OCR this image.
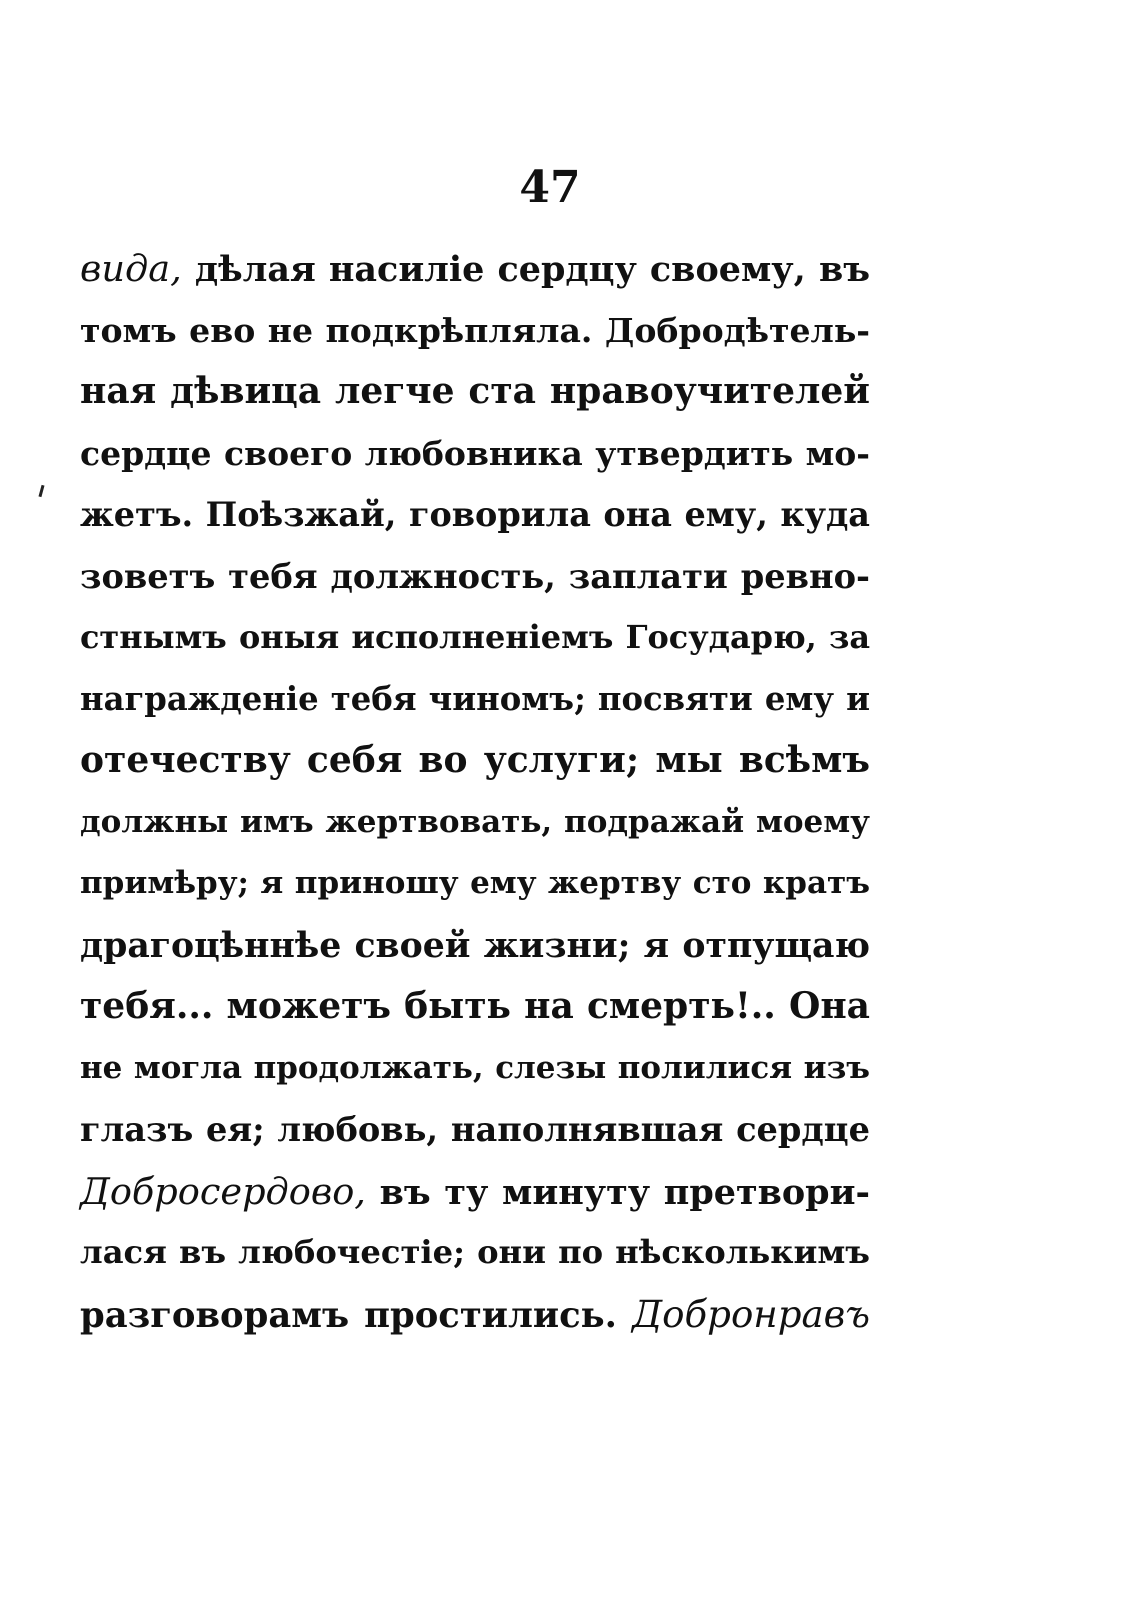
47
вида, дѣлая насиліе сердцу своему, въ
томъ ево не подкрѣпляла. Добродѣтель-
ная дѣвица легче ста нравоучителей
сердце своего любовника утвердить мо-
жетъ. Поѣзжай, говорила она ему, куда
зоветъ тебя должность, заплати ревно-
стнымъ оныя исполненіемъ Государю, за
награжденіе тебя чиномъ; посвяти ему и
отечеству себя во услуги; мы всѣмъ
должны имъ жертвовать, подражай моему
примѣру; я приношу ему жертву сто кратъ
драгоцѣннѣе своей жизни; я отпущаю
тебя... можетъ быть на смерть!.. Она
не могла продолжать, слезы полилися изъ
глазъ ея; любовь, наполнявшая сердце
Добросердово, въ ту минуту претвори-
лася въ любочестіе; они по нѣсколькимъ
разговорамъ простились. Добронравъ
